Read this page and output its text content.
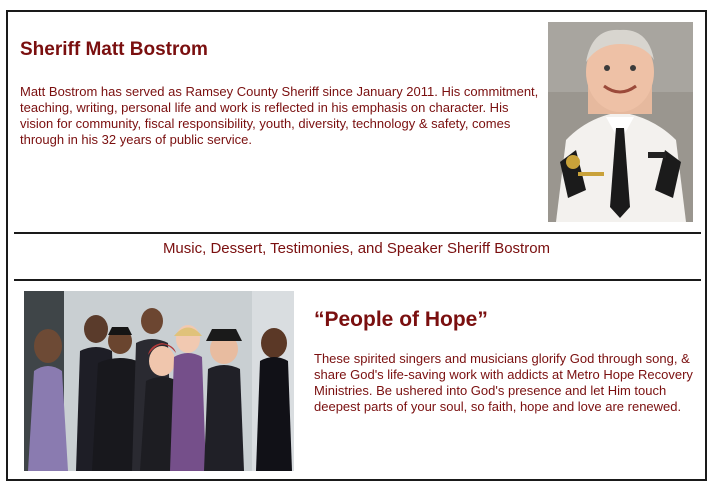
Sheriff Matt Bostrom

Matt Bostrom has served as Ramsey County Sheriff since January 2011. His commitment, teaching, writing, personal life and work is reflected in his emphasis on character. His vision for community, fiscal responsibility, youth, diversity, technology & safety, comes through in his 32 years of public service.

Music, Dessert, Testimonies, and Speaker Sheriff Bostrom

“People of Hope”

These spirited singers and musicians glorify God through song, & share God's life-saving work with addicts at Metro Hope Recovery Ministries. Be ushered into God's presence and let Him touch deepest parts of your soul, so faith, hope and love are renewed.
